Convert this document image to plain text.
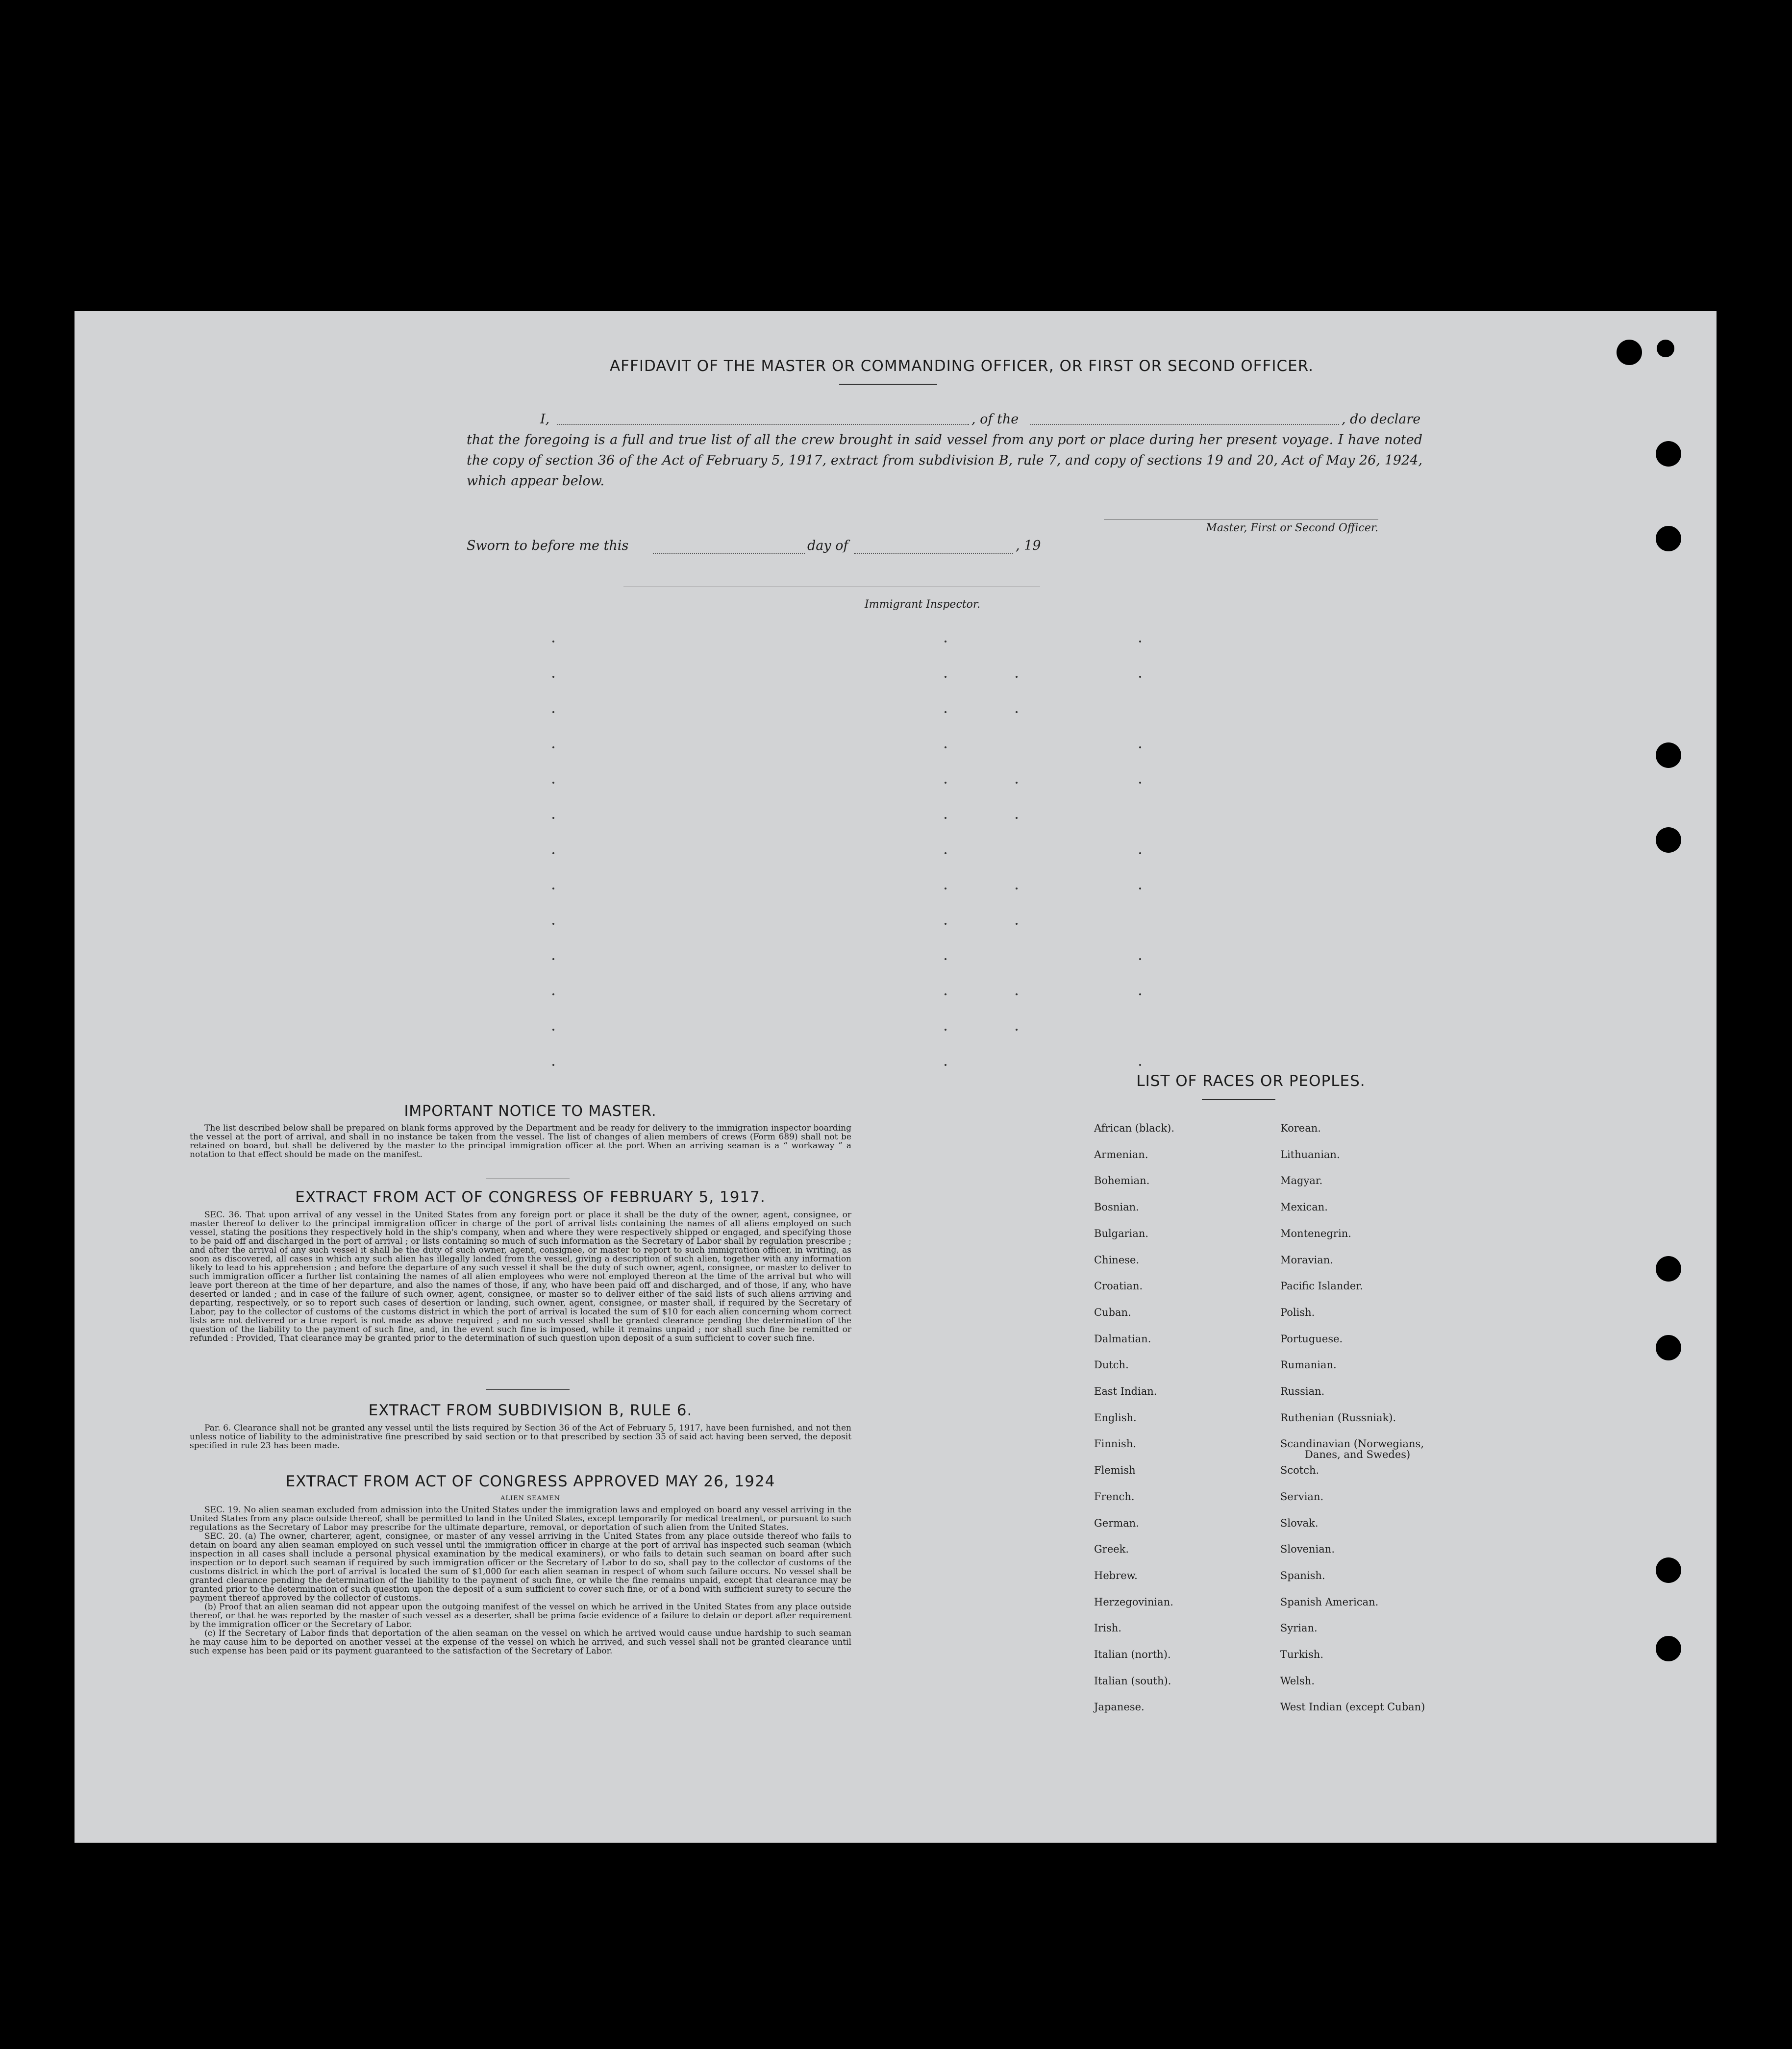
AFFIDAVIT OF THE MASTER OR COMMANDING OFFICER, OR FIRST OR SECOND OFFICER.
I,	, of the	, do declare
that the foregoing is a full and true list of all the crew brought in said vessel from any port or place during her present voyage. I have noted the copy of section 36 of the Act of February 5, 1917, extract from subdivision B, rule 7, and copy of sections 19 and 20, Act of May 26, 1924, which appear below.
Master, First or Second Officer.
Sworn to before me this	day of	, 19
Immigrant Inspector.
IMPORTANT NOTICE TO MASTER.

The list described below shall be prepared on blank forms approved by the Department and be ready for delivery to the immigration inspector boarding the vessel at the port of arrival, and shall in no instance be taken from the vessel. The list of changes of alien members of crews (Form 689) shall not be retained on board, but shall be delivered by the master to the principal immigration officer at the port When an arriving seaman is a “ workaway ” a notation to that effect should be made on the manifest.

EXTRACT FROM ACT OF CONGRESS OF FEBRUARY 5, 1917.

SEC. 36. That upon arrival of any vessel in the United States from any foreign port or place it shall be the duty of the owner, agent, consignee, or master thereof to deliver to the principal immigration officer in charge of the port of arrival lists containing the names of all aliens employed on such vessel, stating the positions they respectively hold in the ship's company, when and where they were respectively shipped or engaged, and specifying those to be paid off and discharged in the port of arrival ; or lists containing so much of such information as the Secretary of Labor shall by regulation prescribe ; and after the arrival of any such vessel it shall be the duty of such owner, agent, consignee, or master to report to such immigration officer, in writing, as soon as discovered, all cases in which any such alien has illegally landed from the vessel, giving a description of such alien, together with any information likely to lead to his apprehension ; and before the departure of any such vessel it shall be the duty of such owner, agent, consignee, or master to deliver to such immigration officer a further list containing the names of all alien employees who were not employed thereon at the time of the arrival but who will leave port thereon at the time of her departure, and also the names of those, if any, who have been paid off and discharged, and of those, if any, who have deserted or landed ; and in case of the failure of such owner, agent, consignee, or master so to deliver either of the said lists of such aliens arriving and departing, respectively, or so to report such cases of desertion or landing, such owner, agent, consignee, or master shall, if required by the Secretary of Labor, pay to the collector of customs of the customs district in which the port of arrival is located the sum of $10 for each alien concerning whom correct lists are not delivered or a true report is not made as above required ; and no such vessel shall be granted clearance pending the determination of the question of the liability to the payment of such fine, and, in the event such fine is imposed, while it remains unpaid ; nor shall such fine be remitted or refunded : Provided, That clearance may be granted prior to the determination of such question upon deposit of a sum sufficient to cover such fine.

EXTRACT FROM SUBDIVISION B, RULE 6.

Par. 6. Clearance shall not be granted any vessel until the lists required by Section 36 of the Act of February 5, 1917, have been furnished, and not then unless notice of liability to the administrative fine prescribed by said section or to that prescribed by section 35 of said act having been served, the deposit specified in rule 23 has been made.

EXTRACT FROM ACT OF CONGRESS APPROVED MAY 26, 1924
ALIEN SEAMEN

SEC. 19. No alien seaman excluded from admission into the United States under the immigration laws and employed on board any vessel arriving in the United States from any place outside thereof, shall be permitted to land in the United States, except temporarily for medical treatment, or pursuant to such regulations as the Secretary of Labor may prescribe for the ultimate departure, removal, or deportation of such alien from the United States.

SEC. 20. (a) The owner, charterer, agent, consignee, or master of any vessel arriving in the United States from any place outside thereof who fails to detain on board any alien seaman employed on such vessel until the immigration officer in charge at the port of arrival has inspected such seaman (which inspection in all cases shall include a personal physical examination by the medical examiners), or who fails to detain such seaman on board after such inspection or to deport such seaman if required by such immigration officer or the Secretary of Labor to do so, shall pay to the collector of customs of the customs district in which the port of arrival is located the sum of $1,000 for each alien seaman in respect of whom such failure occurs. No vessel shall be granted clearance pending the determination of the liability to the payment of such fine, or while the fine remains unpaid, except that clearance may be granted prior to the determination of such question upon the deposit of a sum sufficient to cover such fine, or of a bond with sufficient surety to secure the payment thereof approved by the collector of customs.

(b) Proof that an alien seaman did not appear upon the outgoing manifest of the vessel on which he arrived in the United States from any place outside thereof, or that he was reported by the master of such vessel as a deserter, shall be prima facie evidence of a failure to detain or deport after requirement by the immigration officer or the Secretary of Labor.

(c) If the Secretary of Labor finds that deportation of the alien seaman on the vessel on which he arrived would cause undue hardship to such seaman he may cause him to be deported on another vessel at the expense of the vessel on which he arrived, and such vessel shall not be granted clearance until such expense has been paid or its payment guaranteed to the satisfaction of the Secretary of Labor.

LIST OF RACES OR PEOPLES.
African (black).	Korean.
Armenian.	Lithuanian.
Bohemian.	Magyar.
Bosnian.	Mexican.
Bulgarian.	Montenegrin.
Chinese.	Moravian.
Croatian.	Pacific Islander.
Cuban.	Polish.
Dalmatian.	Portuguese.
Dutch.	Rumanian.
East Indian.	Russian.
English.	Ruthenian (Russniak).
Finnish.	Scandinavian (Norwegians,
Danes, and Swedes)
Flemish	Scotch.
French.	Servian.
German.	Slovak.
Greek.	Slovenian.
Hebrew.	Spanish.
Herzegovinian.	Spanish American.
Irish.	Syrian.
Italian (north).	Turkish.
Italian (south).	Welsh.
Japanese.	West Indian (except Cuban)
